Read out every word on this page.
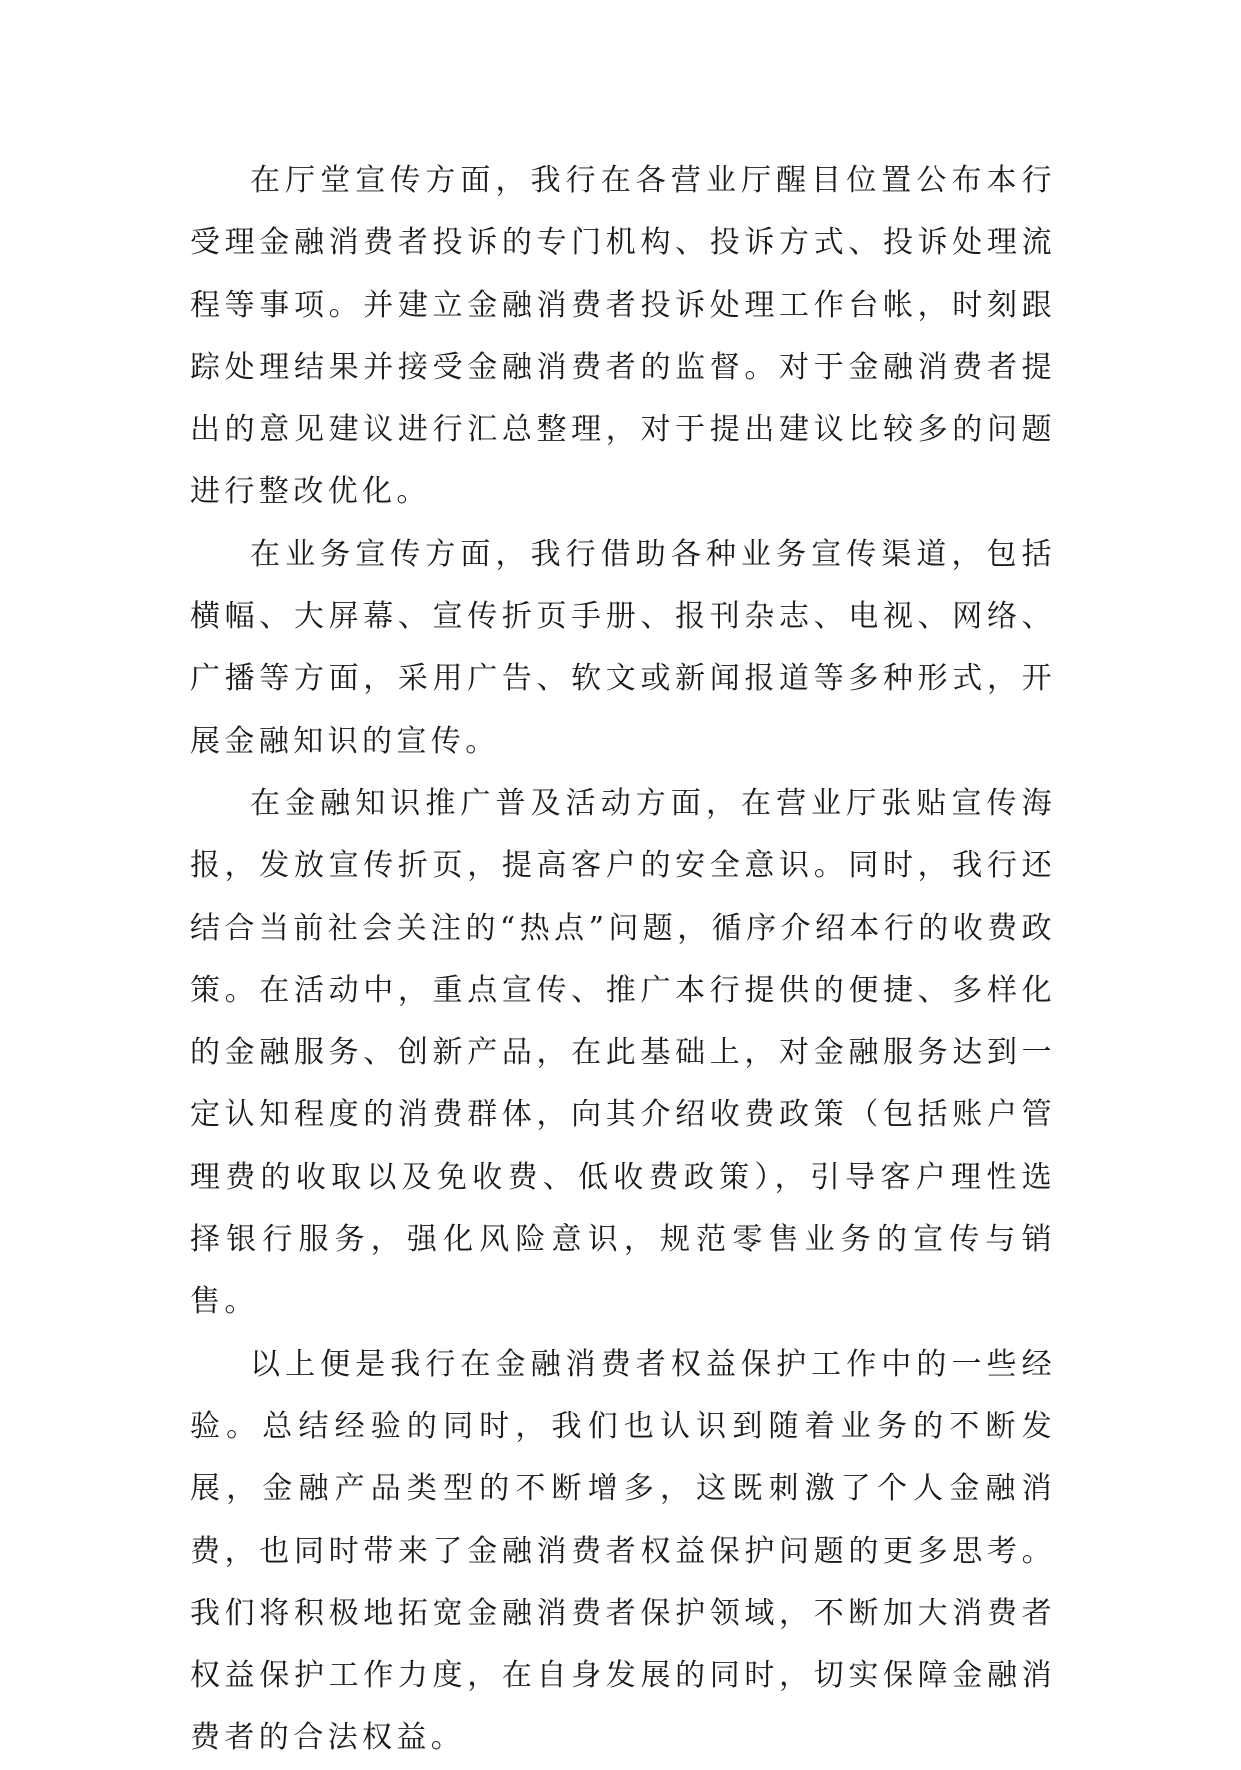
在厅堂宣传方面，我行在各营业厅醒目位置公布本行受理金融消费者投诉的专门机构、投诉方式、投诉处理流程等事项。并建立金融消费者投诉处理工作台帐，时刻跟踪处理结果并接受金融消费者的监督。对于金融消费者提出的意见建议进行汇总整理，对于提出建议比较多的问题进行整改优化。

在业务宣传方面，我行借助各种业务宣传渠道，包括横幅、大屏幕、宣传折页手册、报刊杂志、电视、网络、广播等方面，采用广告、软文或新闻报道等多种形式，开展金融知识的宣传。

在金融知识推广普及活动方面，在营业厅张贴宣传海报，发放宣传折页，提高客户的安全意识。同时，我行还结合当前社会关注的“热点”问题，循序介绍本行的收费政策。在活动中，重点宣传、推广本行提供的便捷、多样化的金融服务、创新产品，在此基础上，对金融服务达到一定认知程度的消费群体，向其介绍收费政策（包括账户管理费的收取以及免收费、低收费政策），引导客户理性选择银行服务，强化风险意识，规范零售业务的宣传与销售。

以上便是我行在金融消费者权益保护工作中的一些经验。总结经验的同时，我们也认识到随着业务的不断发展，金融产品类型的不断增多，这既刺激了个人金融消费，也同时带来了金融消费者权益保护问题的更多思考。我们将积极地拓宽金融消费者保护领域，不断加大消费者权益保护工作力度，在自身发展的同时，切实保障金融消费者的合法权益。
